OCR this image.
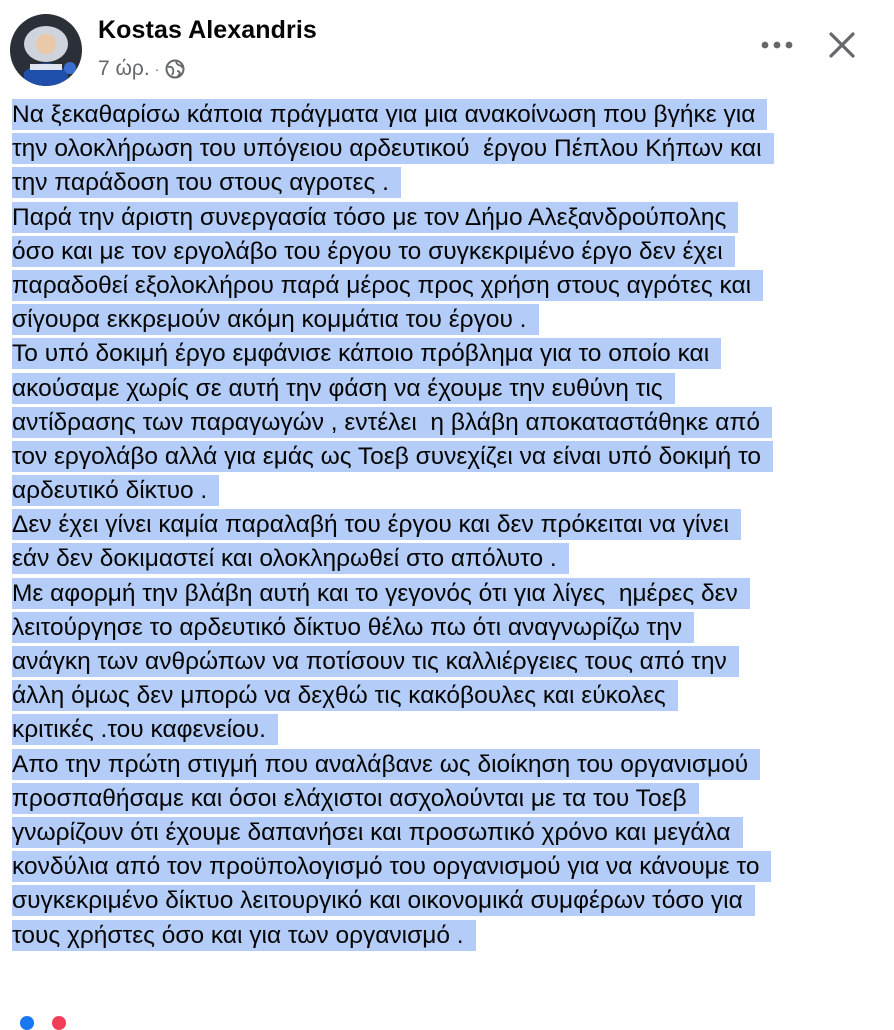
Kostas Alexandris
7 ώρ. ·
Να ξεκαθαρίσω κάποια πράγματα για μια ανακοίνωση που βγήκε για
την ολοκλήρωση του υπόγειου αρδευτικού  έργου Πέπλου Κήπων και
την παράδοση του στους αγροτες .
Παρά την άριστη συνεργασία τόσο με τον Δήμο Αλεξανδρούπολης
όσο και με τον εργολάβο του έργου το συγκεκριμένο έργο δεν έχει
παραδοθεί εξολοκλήρου παρά μέρος προς χρήση στους αγρότες και
σίγουρα εκκρεμούν ακόμη κομμάτια του έργου .
Το υπό δοκιμή έργο εμφάνισε κάποιο πρόβλημα για το οποίο και
ακούσαμε χωρίς σε αυτή την φάση να έχουμε την ευθύνη τις
αντίδρασης των παραγωγών , εντέλει  η βλάβη αποκαταστάθηκε από
τον εργολάβο αλλά για εμάς ως Τοεβ συνεχίζει να είναι υπό δοκιμή το
αρδευτικό δίκτυο .
Δεν έχει γίνει καμία παραλαβή του έργου και δεν πρόκειται να γίνει
εάν δεν δοκιμαστεί και ολοκληρωθεί στο απόλυτο .
Με αφορμή την βλάβη αυτή και το γεγονός ότι για λίγες  ημέρες δεν
λειτούργησε το αρδευτικό δίκτυο θέλω πω ότι αναγνωρίζω την
ανάγκη των ανθρώπων να ποτίσουν τις καλλιέργειες τους από την
άλλη όμως δεν μπορώ να δεχθώ τις κακόβουλες και εύκολες
κριτικές .του καφενείου.
Απο την πρώτη στιγμή που αναλάβανε ως διοίκηση του οργανισμού
προσπαθήσαμε και όσοι ελάχιστοι ασχολούνται με τα του Τοεβ
γνωρίζουν ότι έχουμε δαπανήσει και προσωπικό χρόνο και μεγάλα
κονδύλια από τον προϋπολογισμό του οργανισμού για να κάνουμε το
συγκεκριμένο δίκτυο λειτουργικό και οικονομικά συμφέρων τόσο για
τους χρήστες όσο και για των οργανισμό .
